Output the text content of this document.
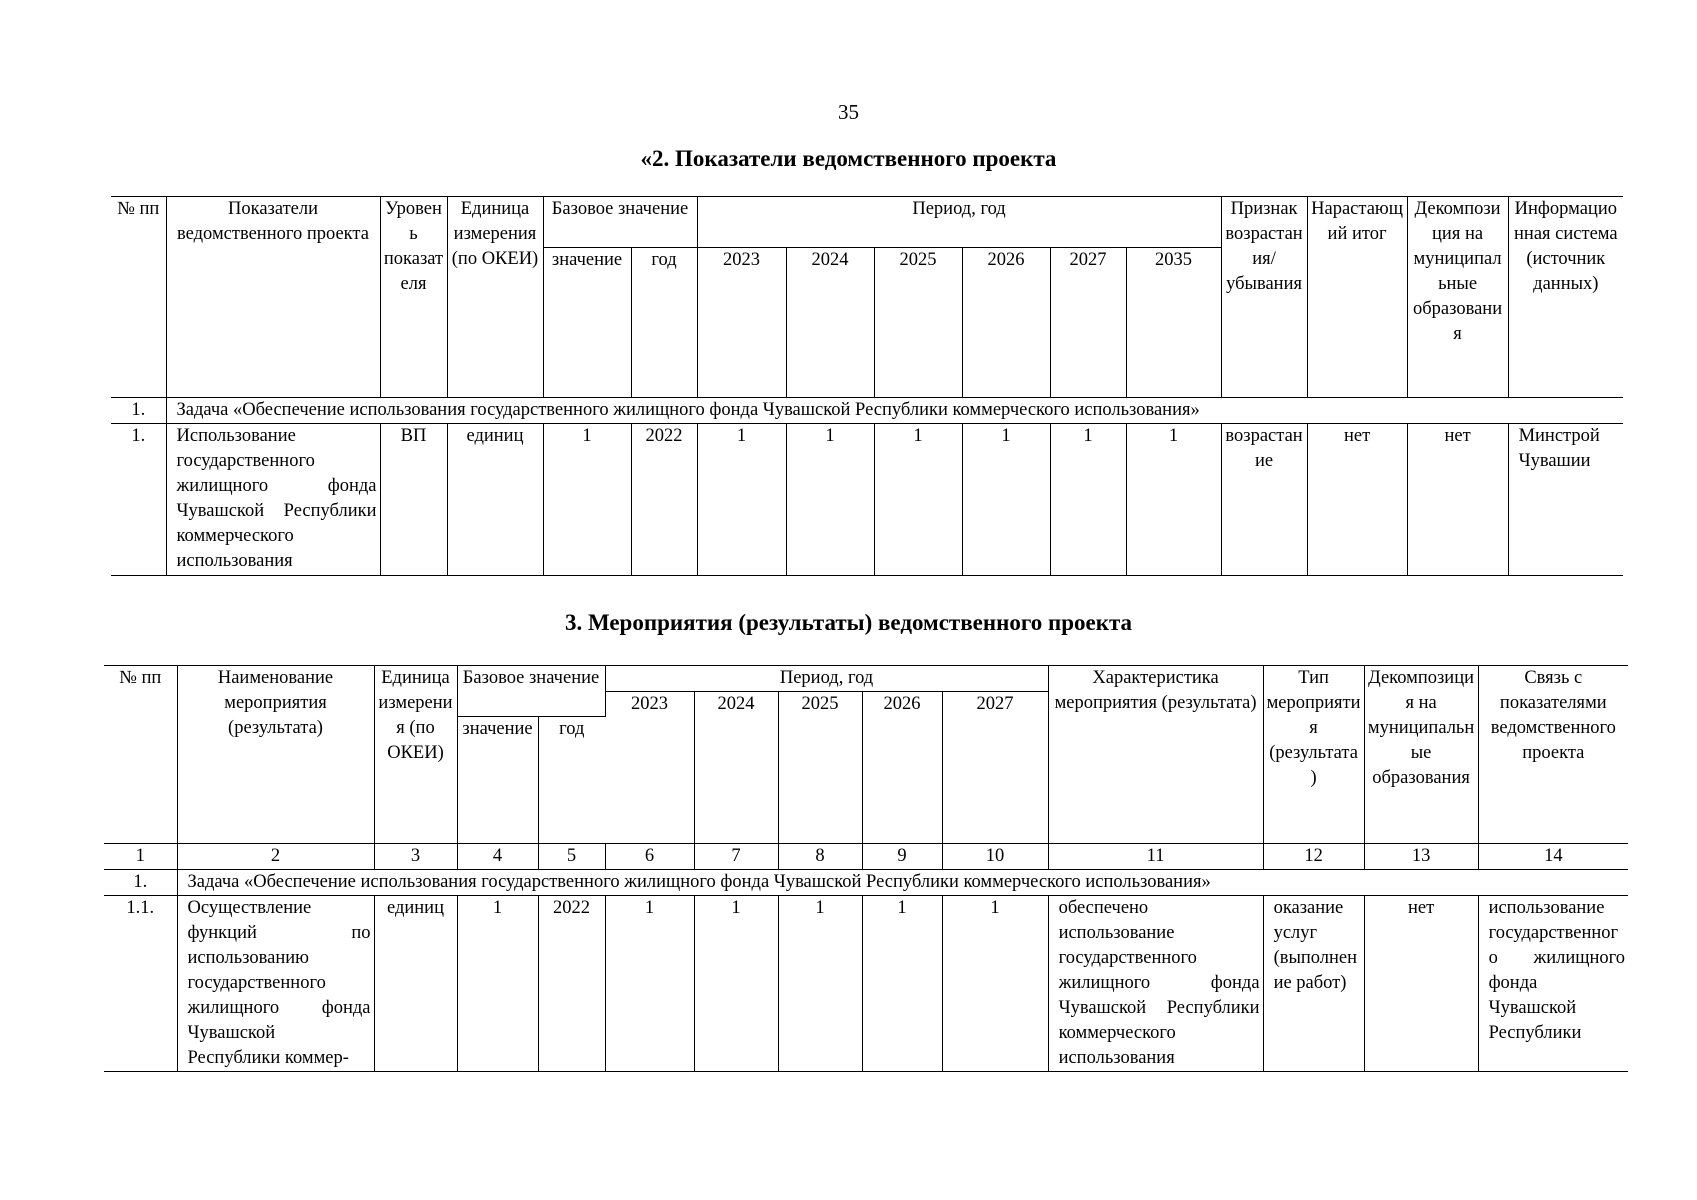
35
«2. Показатели ведомственного проекта
№ пп	Показатели ведомственного проекта	Уровень показателя	Единица измерения (по ОКЕИ)	Базовое значение		Период, год						Признак возрастания/ убывания	Нарастающий итог	Декомпозиция на муниципальные образования	Информационная система (источник данных)
				значение	год	2023	2024	2025	2026	2027	2035				
1.	Задача «Обеспечение использования государственного жилищного фонда Чувашской Республики коммерческого использования»														
1.	Использование государственного жилищного фонда Чувашской Республики коммерческого использования	ВП	единиц	1	2022	1	1	1	1	1	1	возрастание	нет	нет	Минстрой Чувашии
3. Мероприятия (результаты) ведомственного проекта
№ пп	Наименование мероприятия (результата)	Единица измерения (по ОКЕИ)	Базовое значение		Период, год					Характеристика мероприятия (результата)	Тип мероприятия (результата)	Декомпозиция на муниципальные образования	Связь с показателями ведомственного проекта
					2023	2024	2025	2026	2027				
			значение	год									
1	2	3	4	5	6	7	8	9	10	11	12	13	14
1.	Задача «Обеспечение использования государственного жилищного фонда Чувашской Республики коммерческого использования»												
1.1.	Осуществление функций по использованию государственного жилищного фонда Чувашской Республики коммер-	единиц	1	2022	1	1	1	1	1	обеспечено использование государственного жилищного фонда Чувашской Республики коммерческого использования	оказание услуг (выполнение работ)	нет	использование государственного жилищного фонда Чувашской Республики
